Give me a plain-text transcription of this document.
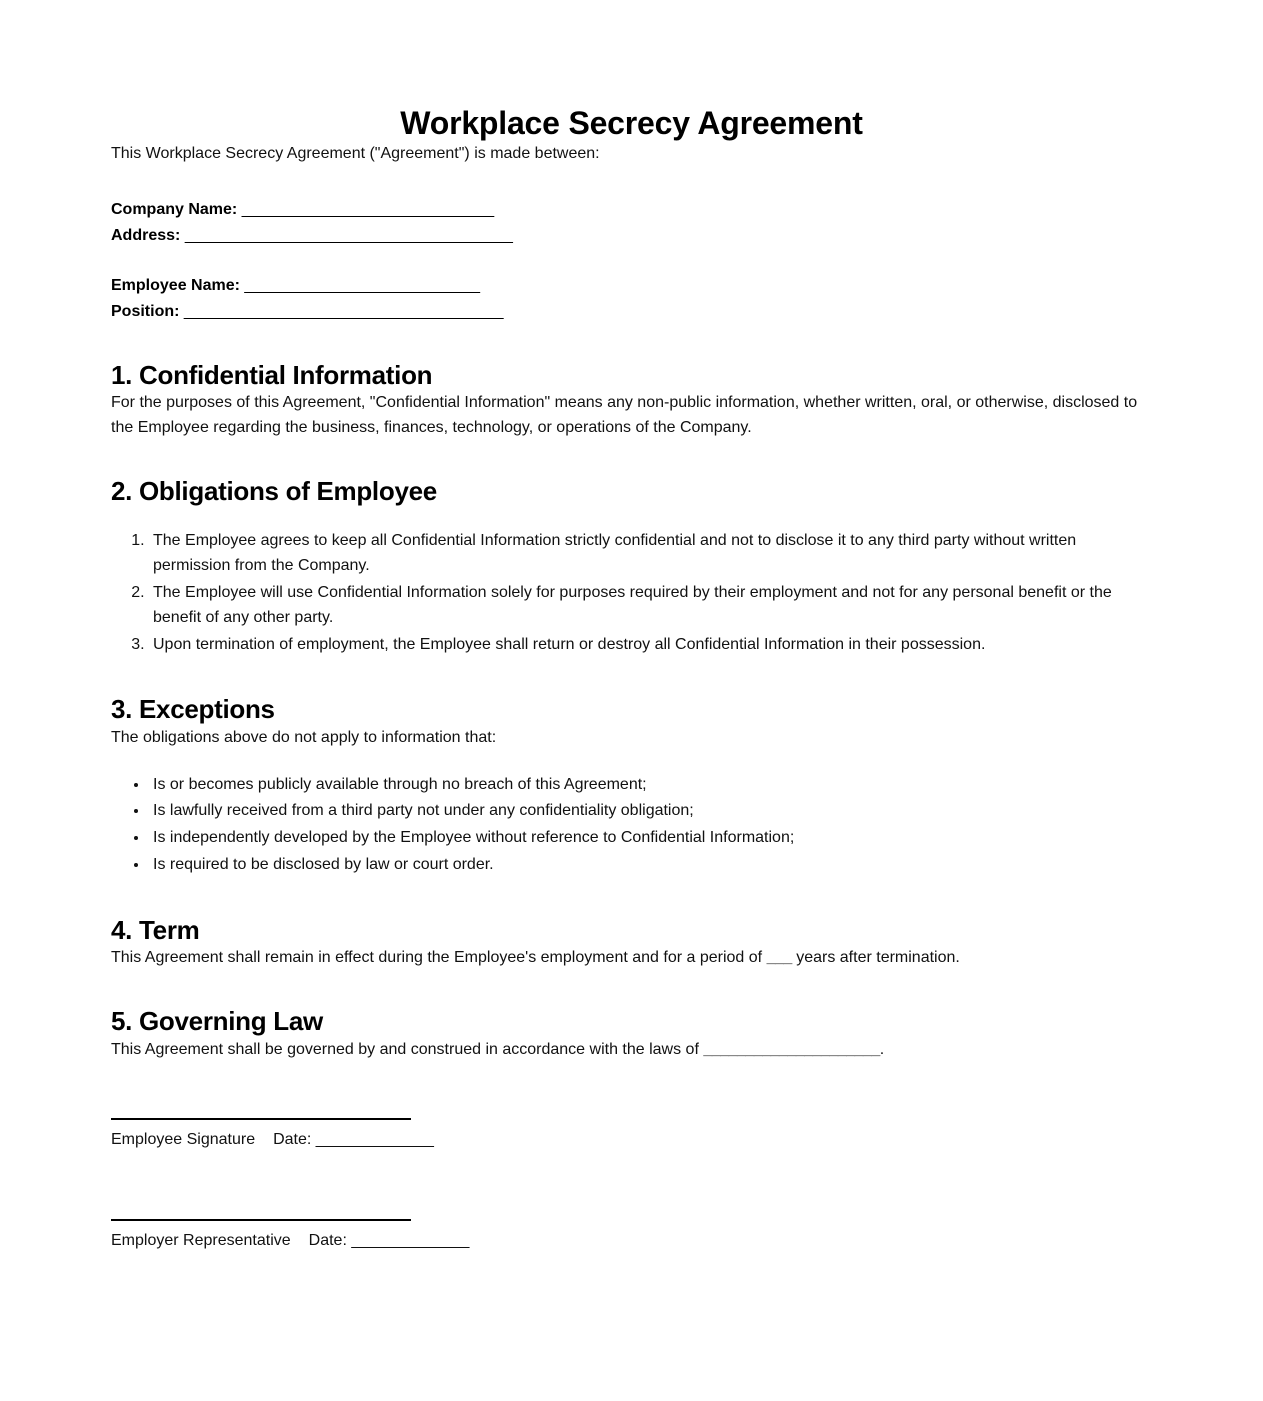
Workplace Secrecy Agreement

This Workplace Secrecy Agreement ("Agreement") is made between:

Company Name: ______________________________
Address: _______________________________________
Employee Name: ____________________________
Position: ______________________________________
1. Confidential Information

For the purposes of this Agreement, "Confidential Information" means any non-public information, whether written, oral, or otherwise, disclosed to the Employee regarding the business, finances, technology, or operations of the Company.

2. Obligations of Employee
1. The Employee agrees to keep all Confidential Information strictly confidential and not to disclose it to any third party without written permission from the Company.
2. The Employee will use Confidential Information solely for purposes required by their employment and not for any personal benefit or the benefit of any other party.
3. Upon termination of employment, the Employee shall return or destroy all Confidential Information in their possession.
3. Exceptions

The obligations above do not apply to information that:

• Is or becomes publicly available through no breach of this Agreement;
• Is lawfully received from a third party not under any confidentiality obligation;
• Is independently developed by the Employee without reference to Confidential Information;
• Is required to be disclosed by law or court order.
4. Term

This Agreement shall remain in effect during the Employee's employment and for a period of ___ years after termination.

5. Governing Law

This Agreement shall be governed by and construed in accordance with the laws of _____________________.

Employee Signature Date: ______________
Employer Representative Date: ______________
